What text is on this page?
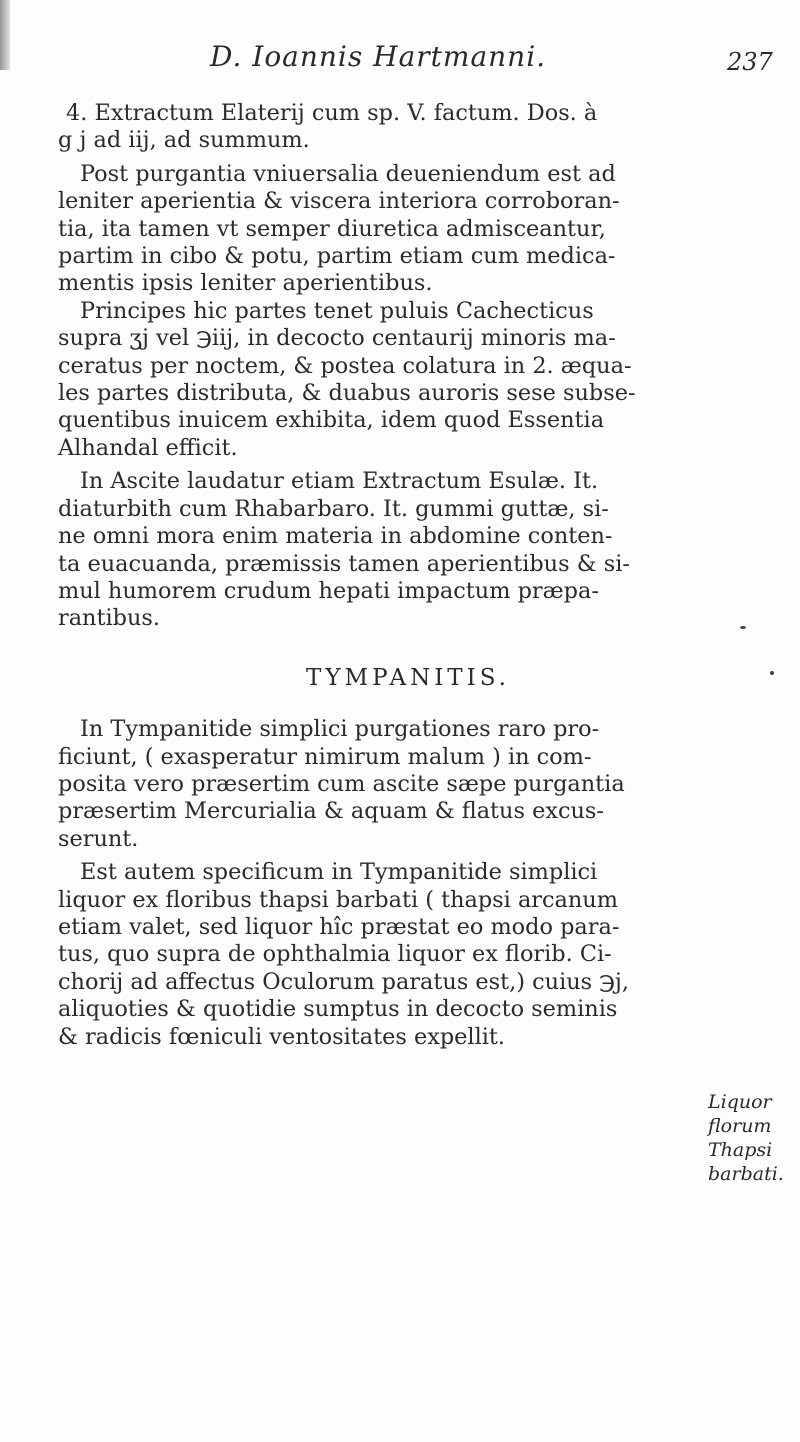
D. Ioannis Hartmanni.	237

4. Extractum Elaterij cum sp. V. factum. Dos. à

g j ad iij, ad summum.

Post purgantia vniuersalia deueniendum est ad

leniter aperientia & viscera interiora corroboran-

tia, ita tamen vt semper diuretica admisceantur,

partim in cibo & potu, partim etiam cum medica-

mentis ipsis leniter aperientibus.

Principes hic partes tenet puluis Cachecticus

supra ʒj vel ℈iij, in decocto centaurij minoris ma-

ceratus per noctem, & postea colatura in 2. æqua-

les partes distributa, & duabus auroris sese subse-

quentibus inuicem exhibita, idem quod Essentia

Alhandal efficit.

In Ascite laudatur etiam Extractum Esulæ. It.

diaturbith cum Rhabarbaro. It. gummi guttæ, si-

ne omni mora enim materia in abdomine conten-

ta euacuanda, præmissis tamen aperientibus & si-

mul humorem crudum hepati impactum præpa-

rantibus.

TYMPANITIS.

In Tympanitide simplici purgationes raro pro-

ficiunt, ( exasperatur nimirum malum ) in com-

posita vero præsertim cum ascite sæpe purgantia

præsertim Mercurialia & aquam & flatus excus-

serunt.

Est autem specificum in Tympanitide simplici

liquor ex floribus thapsi barbati ( thapsi arcanum

etiam valet, sed liquor hîc præstat eo modo para-

tus, quo supra de ophthalmia liquor ex florib. Ci-

chorij ad affectus Oculorum paratus est,) cuius ℈j,

aliquoties & quotidie sumptus in decocto seminis

& radicis fœniculi ventositates expellit.

Liquor
florum
Thapsi
barbati.
